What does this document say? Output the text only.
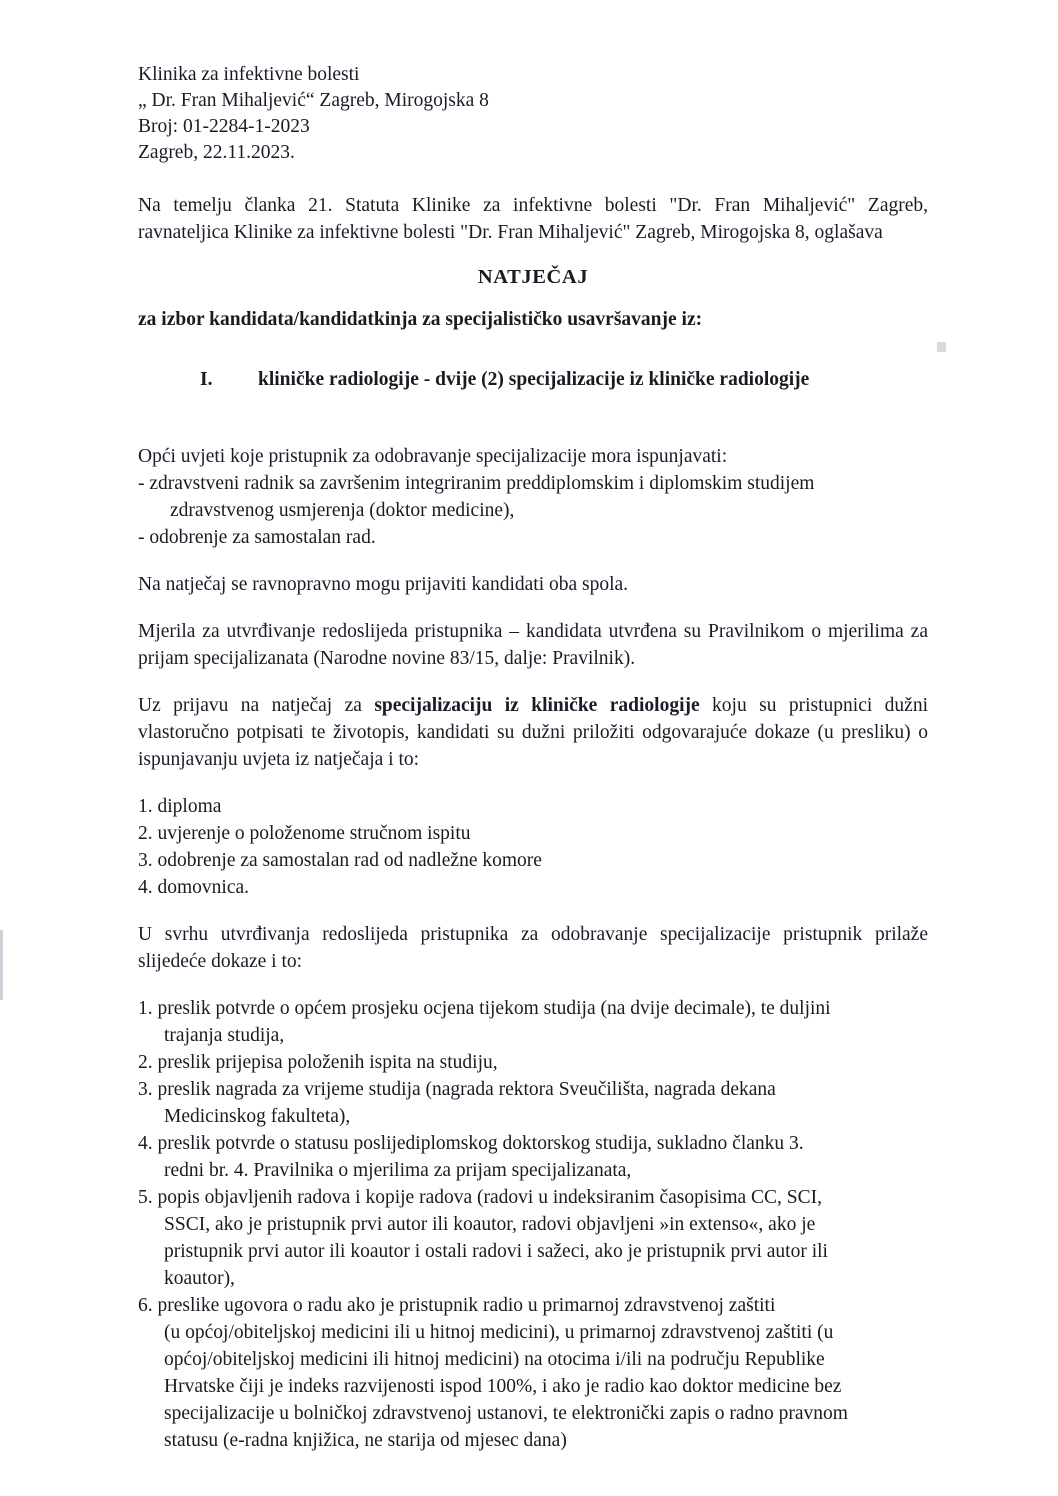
Klinika za infektivne bolesti
„ Dr. Fran Mihaljević“ Zagreb, Mirogojska 8
Broj: 01-2284-1-2023
Zagreb, 22.11.2023.
Na temelju članka 21. Statuta Klinike za infektivne bolesti "Dr. Fran Mihaljević" Zagreb, ravnateljica Klinike za infektivne bolesti "Dr. Fran Mihaljević" Zagreb, Mirogojska 8, oglašava
NATJEČAJ
za izbor kandidata/kandidatkinja za specijalističko usavršavanje iz:
I.	kliničke radiologije - dvije (2) specijalizacije iz kliničke radiologije
Opći uvjeti koje pristupnik za odobravanje specijalizacije mora ispunjavati:
- zdravstveni radnik sa završenim integriranim preddiplomskim i diplomskim studijem
zdravstvenog usmjerenja (doktor medicine),
- odobrenje za samostalan rad.
Na natječaj se ravnopravno mogu prijaviti kandidati oba spola.
Mjerila za utvrđivanje redoslijeda pristupnika – kandidata utvrđena su Pravilnikom o mjerilima za prijam specijalizanata (Narodne novine 83/15, dalje: Pravilnik).
Uz prijavu na natječaj za specijalizaciju iz kliničke radiologije koju su pristupnici dužni vlastoručno potpisati te životopis, kandidati su dužni priložiti odgovarajuće dokaze (u presliku) o ispunjavanju uvjeta iz natječaja i to:
1. diploma
2. uvjerenje o položenome stručnom ispitu
3. odobrenje za samostalan rad od nadležne komore
4. domovnica.
U svrhu utvrđivanja redoslijeda pristupnika za odobravanje specijalizacije pristupnik prilaže slijedeće dokaze i to:
1. preslik potvrde o općem prosjeku ocjena tijekom studija (na dvije decimale), te duljini
trajanja studija,
2. preslik prijepisa položenih ispita na studiju,
3. preslik nagrada za vrijeme studija (nagrada rektora Sveučilišta, nagrada dekana
Medicinskog fakulteta),
4. preslik potvrde o statusu poslijediplomskog doktorskog studija, sukladno članku 3.
redni br. 4. Pravilnika o mjerilima za prijam specijalizanata,
5. popis objavljenih radova i kopije radova (radovi u indeksiranim časopisima CC, SCI,
SSCI, ako je pristupnik prvi autor ili koautor, radovi objavljeni »in extenso«, ako je
pristupnik prvi autor ili koautor i ostali radovi i sažeci, ako je pristupnik prvi autor ili
koautor),
6. preslike ugovora o radu ako je pristupnik radio u primarnoj zdravstvenoj zaštiti
(u općoj/obiteljskoj medicini ili u hitnoj medicini), u primarnoj zdravstvenoj zaštiti (u
općoj/obiteljskoj medicini ili hitnoj medicini) na otocima i/ili na području Republike
Hrvatske čiji je indeks razvijenosti ispod 100%, i ako je radio kao doktor medicine bez
specijalizacije u bolničkoj zdravstvenoj ustanovi, te elektronički zapis o radno pravnom
statusu (e-radna knjižica, ne starija od mjesec dana)
